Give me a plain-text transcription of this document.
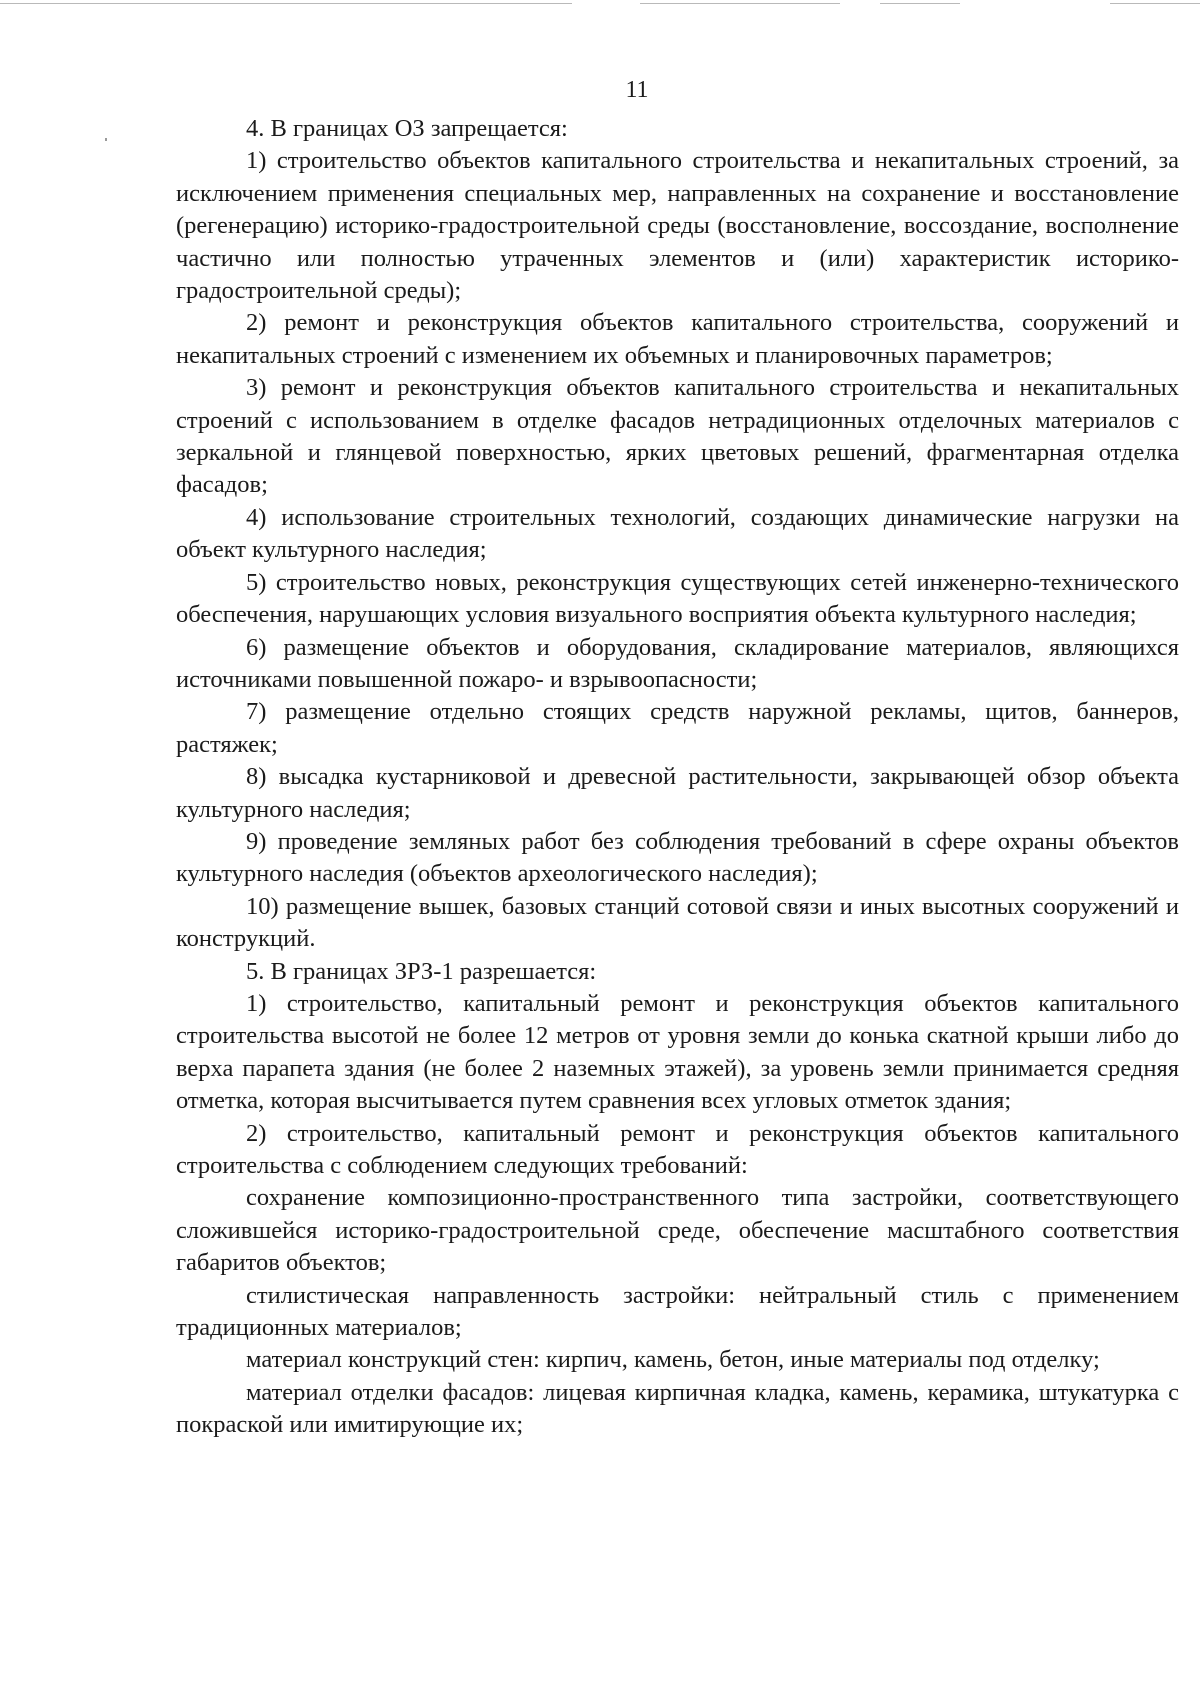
11

4. В границах ОЗ запрещается:

1) строительство объектов капитального строительства и некапитальных строений, за исключением применения специальных мер, направленных на сохранение и восстановление (регенерацию) историко-градостроительной среды (восстановление, воссоздание, восполнение частично или полностью утраченных элементов и (или) характеристик историко-градостроительной среды);

2) ремонт и реконструкция объектов капитального строительства, сооружений и некапитальных строений с изменением их объемных и планировочных параметров;

3) ремонт и реконструкция объектов капитального строительства и некапитальных строений с использованием в отделке фасадов нетрадиционных отделочных материалов с зеркальной и глянцевой поверхностью, ярких цветовых решений, фрагментарная отделка фасадов;

4) использование строительных технологий, создающих динамические нагрузки на объект культурного наследия;

5) строительство новых, реконструкция существующих сетей инженерно-технического обеспечения, нарушающих условия визуального восприятия объекта культурного наследия;

6) размещение объектов и оборудования, складирование материалов, являющихся источниками повышенной пожаро- и взрывоопасности;

7) размещение отдельно стоящих средств наружной рекламы, щитов, баннеров, растяжек;

8) высадка кустарниковой и древесной растительности, закрывающей обзор объекта культурного наследия;

9) проведение земляных работ без соблюдения требований в сфере охраны объектов культурного наследия (объектов археологического наследия);

10) размещение вышек, базовых станций сотовой связи и иных высотных сооружений и конструкций.

5. В границах ЗРЗ-1 разрешается:

1) строительство, капитальный ремонт и реконструкция объектов капитального строительства высотой не более 12 метров от уровня земли до конька скатной крыши либо до верха парапета здания (не более 2 наземных этажей), за уровень земли принимается средняя отметка, которая высчитывается путем сравнения всех угловых отметок здания;

2) строительство, капитальный ремонт и реконструкция объектов капитального строительства с соблюдением следующих требований:

сохранение композиционно-пространственного типа застройки, соответствующего сложившейся историко-градостроительной среде, обеспечение масштабного соответствия габаритов объектов;

стилистическая направленность застройки: нейтральный стиль с применением традиционных материалов;

материал конструкций стен: кирпич, камень, бетон, иные материалы под отделку;

материал отделки фасадов: лицевая кирпичная кладка, камень, керамика, штукатурка с покраской или имитирующие их;
